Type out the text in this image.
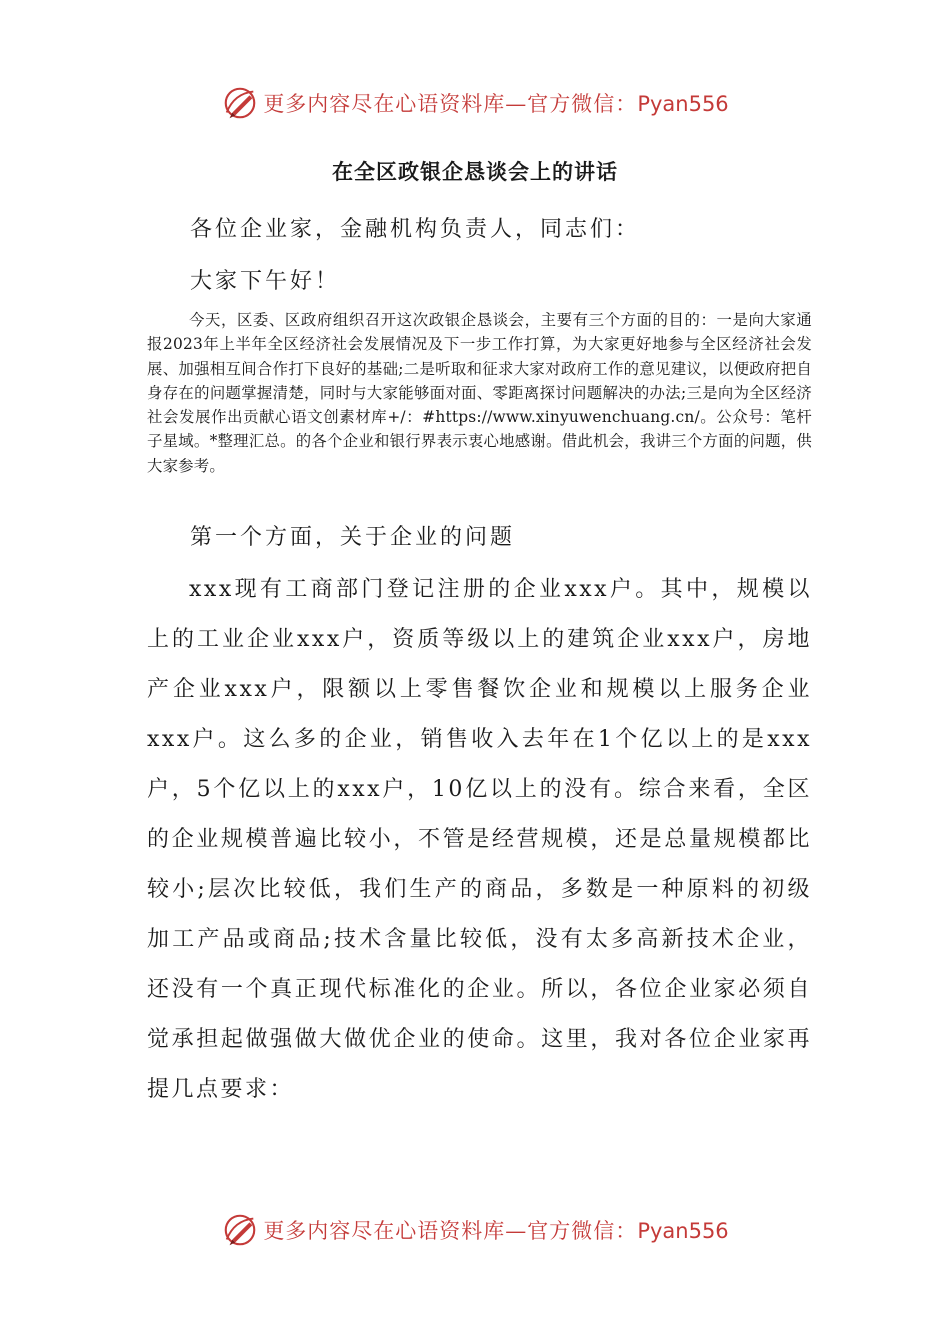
更多内容尽在心语资料库—官方微信：Pyan556
在全区政银企恳谈会上的讲话
各位企业家，金融机构负责人，同志们：
大家下午好！
今天，区委、区政府组织召开这次政银企恳谈会，主要有三个方面的目的：一是向大家通报2023年上半年全区经济社会发展情况及下一步工作打算，为大家更好地参与全区经济社会发展、加强相互间合作打下良好的基础;二是听取和征求大家对政府工作的意见建议，以便政府把自身存在的问题掌握清楚，同时与大家能够面对面、零距离探讨问题解决的办法;三是向为全区经济社会发展作出贡献心语文创素材库+/：#https://www.xinyuwenchuang.cn/。公众号：笔杆子星域。*整理汇总。的各个企业和银行界表示衷心地感谢。借此机会，我讲三个方面的问题，供大家参考。
第一个方面，关于企业的问题
xxx现有工商部门登记注册的企业xxx户。其中，规模以上的工业企业xxx户，资质等级以上的建筑企业xxx户，房地产企业xxx户，限额以上零售餐饮企业和规模以上服务企业xxx户。这么多的企业，销售收入去年在1个亿以上的是xxx户，5个亿以上的xxx户，10亿以上的没有。综合来看，全区的企业规模普遍比较小，不管是经营规模，还是总量规模都比较小;层次比较低，我们生产的商品，多数是一种原料的初级加工产品或商品;技术含量比较低，没有太多高新技术企业，还没有一个真正现代标准化的企业。所以，各位企业家必须自觉承担起做强做大做优企业的使命。这里，我对各位企业家再提几点要求：
更多内容尽在心语资料库—官方微信：Pyan556
